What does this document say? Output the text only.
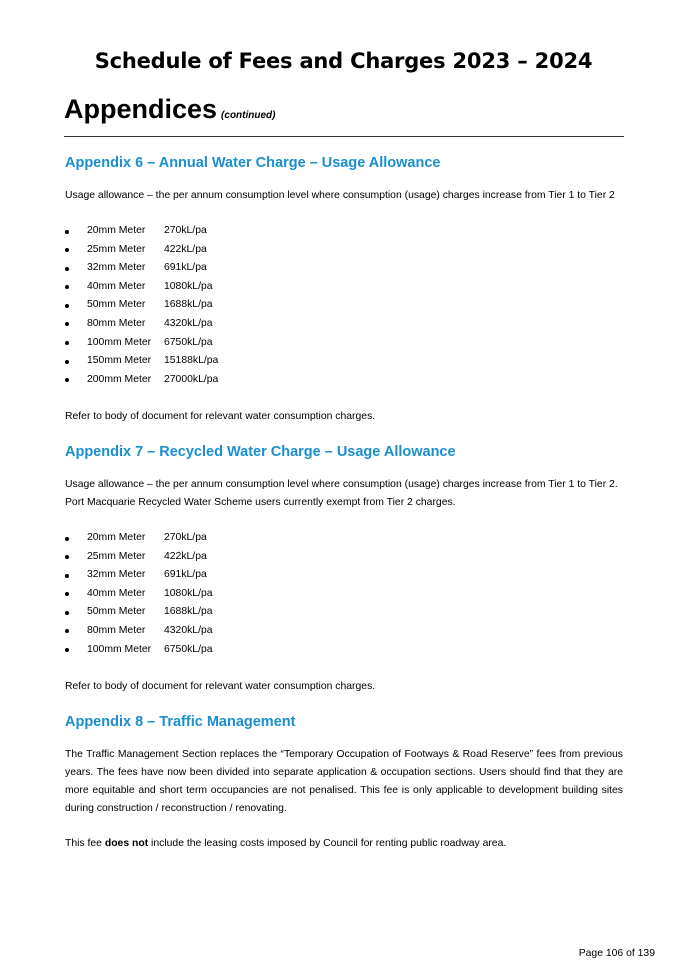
Schedule of Fees and Charges 2023 – 2024
Appendices (continued)
Appendix 6 – Annual Water Charge – Usage Allowance
Usage allowance – the per annum consumption level where consumption (usage) charges increase from Tier 1 to Tier 2
20mm Meter 270kL/pa
25mm Meter 422kL/pa
32mm Meter 691kL/pa
40mm Meter 1080kL/pa
50mm Meter 1688kL/pa
80mm Meter 4320kL/pa
100mm Meter 6750kL/pa
150mm Meter 15188kL/pa
200mm Meter 27000kL/pa
Refer to body of document for relevant water consumption charges.
Appendix 7 – Recycled Water Charge – Usage Allowance
Usage allowance – the per annum consumption level where consumption (usage) charges increase from Tier 1 to Tier 2.
Port Macquarie Recycled Water Scheme users currently exempt from Tier 2 charges.
20mm Meter 270kL/pa
25mm Meter 422kL/pa
32mm Meter 691kL/pa
40mm Meter 1080kL/pa
50mm Meter 1688kL/pa
80mm Meter 4320kL/pa
100mm Meter 6750kL/pa
Refer to body of document for relevant water consumption charges.
Appendix 8 – Traffic Management
The Traffic Management Section replaces the “Temporary Occupation of Footways & Road Reserve” fees from previous years. The fees have now been divided into separate application & occupation sections. Users should find that they are more equitable and short term occupancies are not penalised. This fee is only applicable to development building sites during construction / reconstruction / renovating.
This fee does not include the leasing costs imposed by Council for renting public roadway area.
Page 106 of 139
